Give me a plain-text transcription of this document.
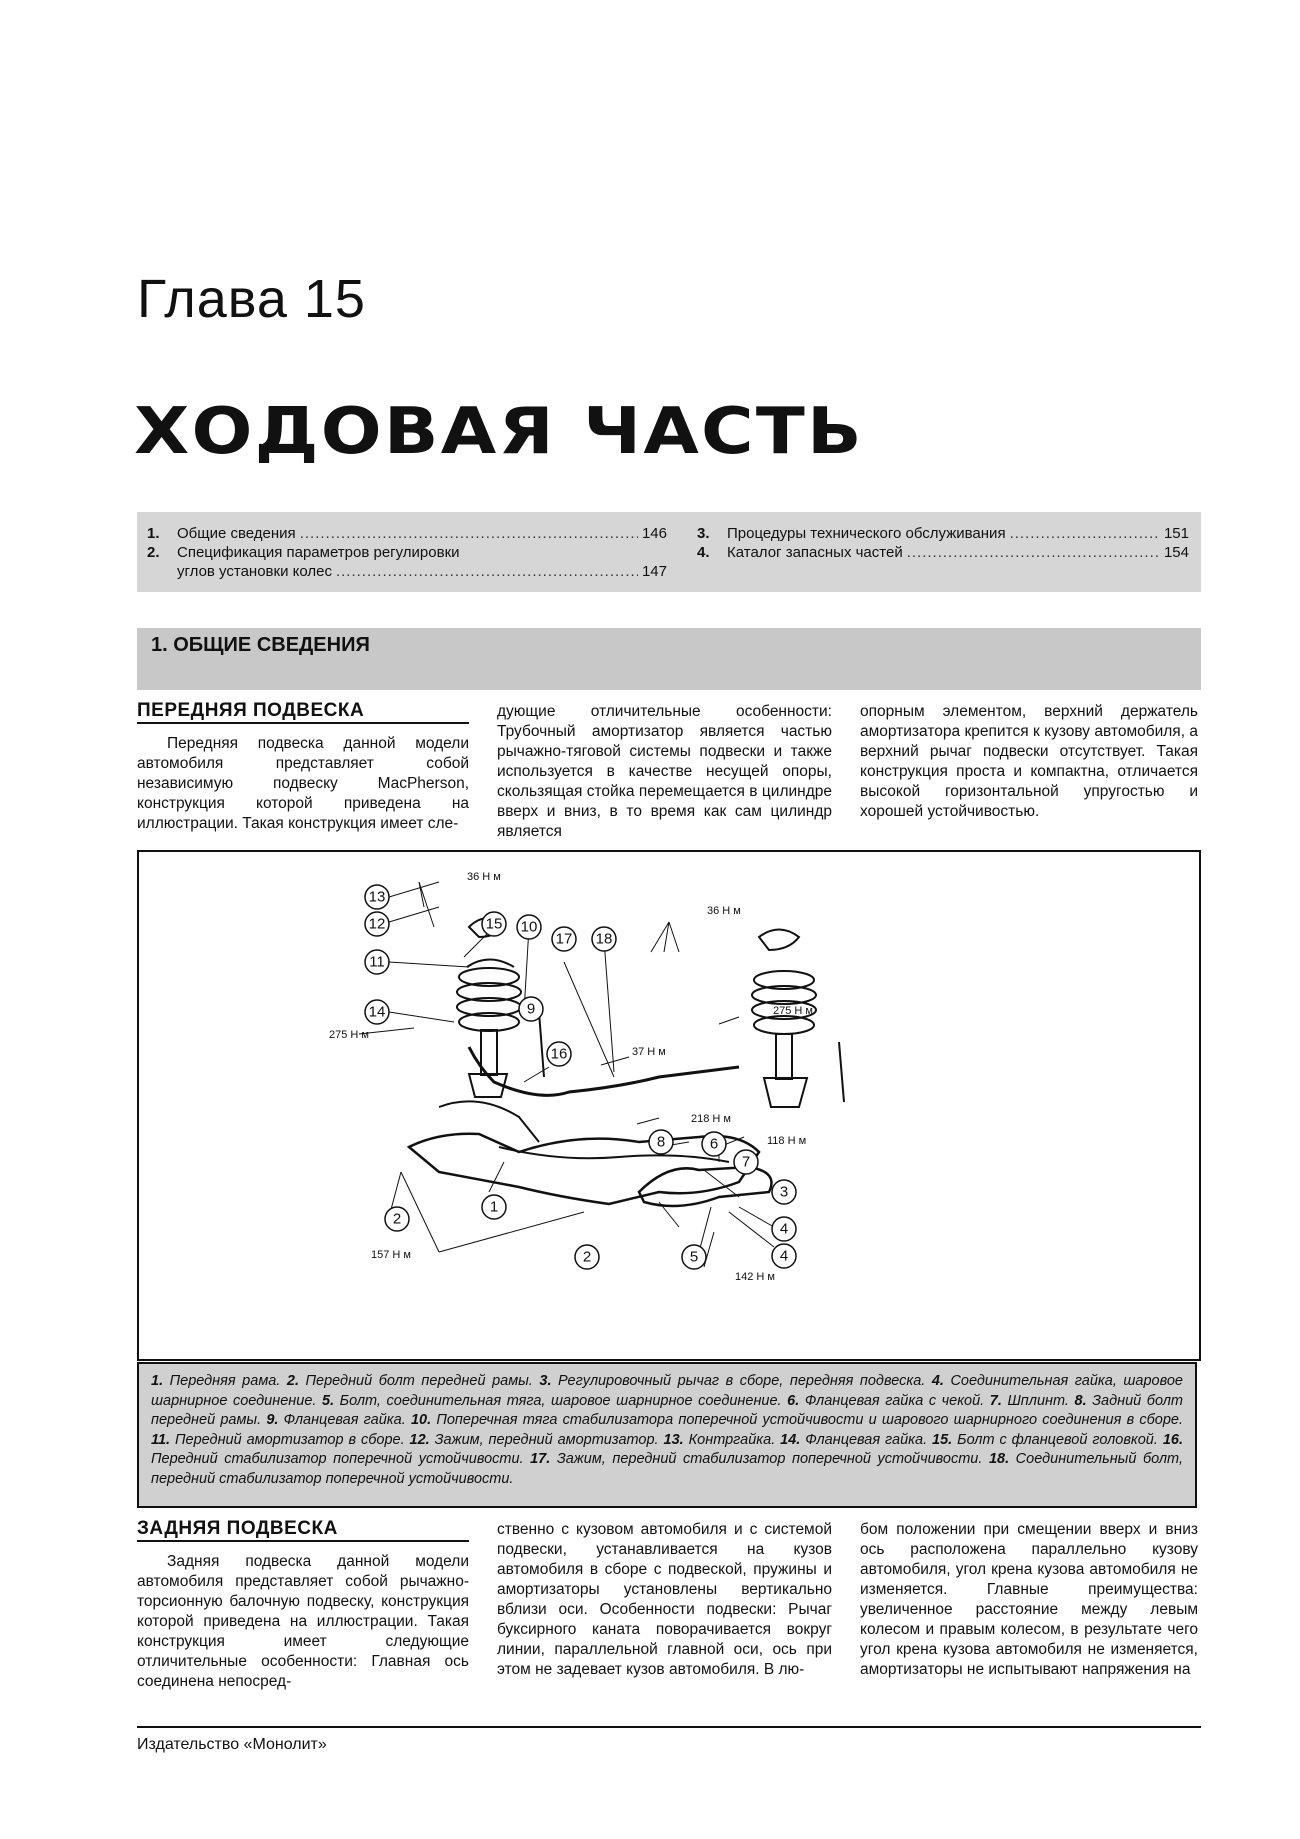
Глава 15
ХОДОВАЯ ЧАСТЬ
1.	Общие сведения .....	146
2.	Спецификация параметров регулировки
углов установки колес .....	147
3.	Процедуры технического обслуживания .....	151
4.	Каталог запасных частей .....	154
1. ОБЩИЕ СВЕДЕНИЯ
ПЕРЕДНЯЯ ПОДВЕСКА

Передняя подвеска данной модели автомобиля представляет собой независимую подвеску MacPherson, конструкция которой приведена на иллюстрации. Такая конструкция имеет сле-

дующие отличительные особенности: Трубочный амортизатор является частью рычажно-тяговой системы подвески и также используется в качестве несущей опоры, скользящая стойка перемещается в цилиндре вверх и вниз, в то время как сам цилиндр является

опорным элементом, верхний держатель амортизатора крепится к кузову автомобиля, а верхний рычаг подвески отсутствует. Такая конструкция проста и компактна, отличается высокой горизонтальной упругостью и хорошей устойчивостью.

13
12
11
14
15 10
9
16
17 18
8	6
7
3
4
4
5
1
2
2
36 Н м
36 Н м
275 Н м
275 Н м
37 Н м
218 Н м
118 Н м
157 Н м
142 Н м
1. Передняя рама. 2. Передний болт передней рамы. 3. Регулировочный рычаг в сборе, передняя подвеска. 4. Соединительная гайка, шаровое шарнирное соединение. 5. Болт, соединительная тяга, шаровое шарнирное соединение. 6. Фланцевая гайка с чекой. 7. Шплинт. 8. Задний болт передней рамы. 9. Фланцевая гайка. 10. Поперечная тяга стабилизатора поперечной устойчивости и шарового шарнирного соединения в сборе. 11. Передний амортизатор в сборе. 12. Зажим, передний амортизатор. 13. Контргайка. 14. Фланцевая гайка. 15. Болт с фланцевой головкой. 16. Передний стабилизатор поперечной устойчивости. 17. Зажим, передний стабилизатор поперечной устойчивости. 18. Соединительный болт, передний стабилизатор поперечной устойчивости.
ЗАДНЯЯ ПОДВЕСКА

Задняя подвеска данной модели автомобиля представляет собой рычажно-торсионную балочную подвеску, конструкция которой приведена на иллюстрации. Такая конструкция имеет следующие отличительные особенности: Главная ось соединена непосред-

ственно с кузовом автомобиля и с системой подвески, устанавливается на кузов автомобиля в сборе с подвеской, пружины и амортизаторы установлены вертикально вблизи оси. Особенности подвески: Рычаг буксирного каната поворачивается вокруг линии, параллельной главной оси, ось при этом не задевает кузов автомобиля. В лю-

бом положении при смещении вверх и вниз ось расположена параллельно кузову автомобиля, угол крена кузова автомобиля не изменяется. Главные преимущества: увеличенное расстояние между левым колесом и правым колесом, в результате чего угол крена кузова автомобиля не изменяется, амортизаторы не испытывают напряжения на

Издательство «Монолит»
